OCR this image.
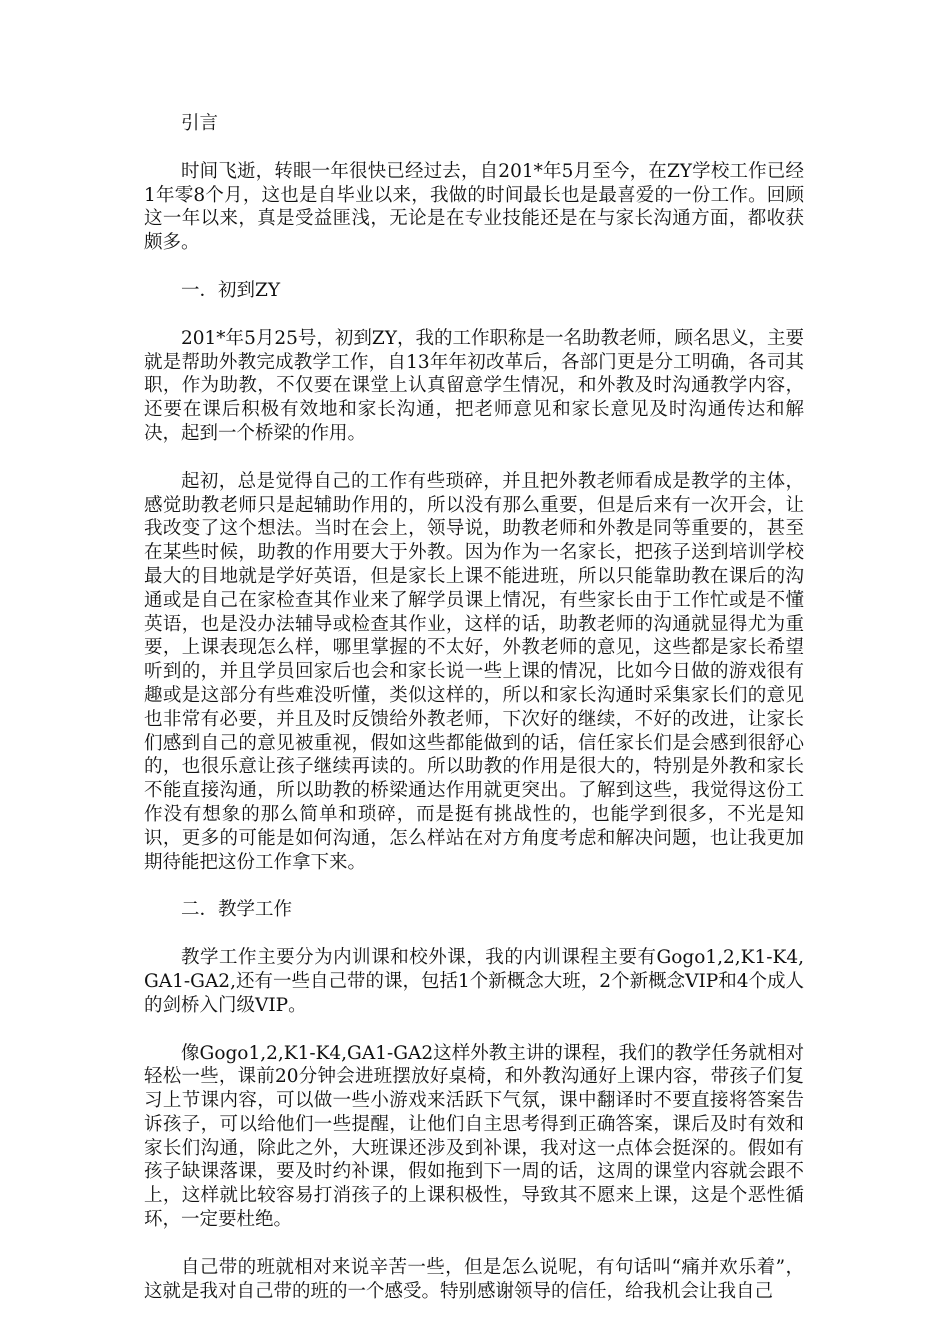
引言

时间飞逝，转眼一年很快已经过去，自201*年5月至今，在ZY学校工作已经1年零8个月，这也是自毕业以来，我做的时间最长也是最喜爱的一份工作。回顾这一年以来，真是受益匪浅，无论是在专业技能还是在与家长沟通方面，都收获颇多。

一．初到ZY

201*年5月25号，初到ZY，我的工作职称是一名助教老师，顾名思义，主要就是帮助外教完成教学工作，自13年年初改革后，各部门更是分工明确，各司其职，作为助教，不仅要在课堂上认真留意学生情况，和外教及时沟通教学内容，还要在课后积极有效地和家长沟通，把老师意见和家长意见及时沟通传达和解决，起到一个桥梁的作用。

起初，总是觉得自己的工作有些琐碎，并且把外教老师看成是教学的主体，感觉助教老师只是起辅助作用的，所以没有那么重要，但是后来有一次开会，让我改变了这个想法。当时在会上，领导说，助教老师和外教是同等重要的，甚至在某些时候，助教的作用要大于外教。因为作为一名家长，把孩子送到培训学校最大的目地就是学好英语，但是家长上课不能进班，所以只能靠助教在课后的沟通或是自己在家检查其作业来了解学员课上情况，有些家长由于工作忙或是不懂英语，也是没办法辅导或检查其作业，这样的话，助教老师的沟通就显得尤为重要，上课表现怎么样，哪里掌握的不太好，外教老师的意见，这些都是家长希望听到的，并且学员回家后也会和家长说一些上课的情况，比如今日做的游戏很有趣或是这部分有些难没听懂，类似这样的，所以和家长沟通时采集家长们的意见也非常有必要，并且及时反馈给外教老师，下次好的继续，不好的改进，让家长们感到自己的意见被重视，假如这些都能做到的话，信任家长们是会感到很舒心的，也很乐意让孩子继续再读的。所以助教的作用是很大的，特别是外教和家长不能直接沟通，所以助教的桥梁通达作用就更突出。了解到这些，我觉得这份工作没有想象的那么简单和琐碎，而是挺有挑战性的，也能学到很多，不光是知识，更多的可能是如何沟通，怎么样站在对方角度考虑和解决问题，也让我更加期待能把这份工作拿下来。

二．教学工作

教学工作主要分为内训课和校外课，我的内训课程主要有Gogo1,2,K1-K4,GA1-GA2,还有一些自己带的课，包括1个新概念大班，2个新概念VIP和4个成人的剑桥入门级VIP。

像Gogo1,2,K1-K4,GA1-GA2这样外教主讲的课程，我们的教学任务就相对轻松一些，课前20分钟会进班摆放好桌椅，和外教沟通好上课内容，带孩子们复习上节课内容，可以做一些小游戏来活跃下气氛，课中翻译时不要直接将答案告诉孩子，可以给他们一些提醒，让他们自主思考得到正确答案，课后及时有效和家长们沟通，除此之外，大班课还涉及到补课，我对这一点体会挺深的。假如有孩子缺课落课，要及时约补课，假如拖到下一周的话，这周的课堂内容就会跟不上，这样就比较容易打消孩子的上课积极性，导致其不愿来上课，这是个恶性循环，一定要杜绝。

自己带的班就相对来说辛苦一些，但是怎么说呢，有句话叫“痛并欢乐着”，这就是我对自己带的班的一个感受。特别感谢领导的信任，给我机会让我自己
